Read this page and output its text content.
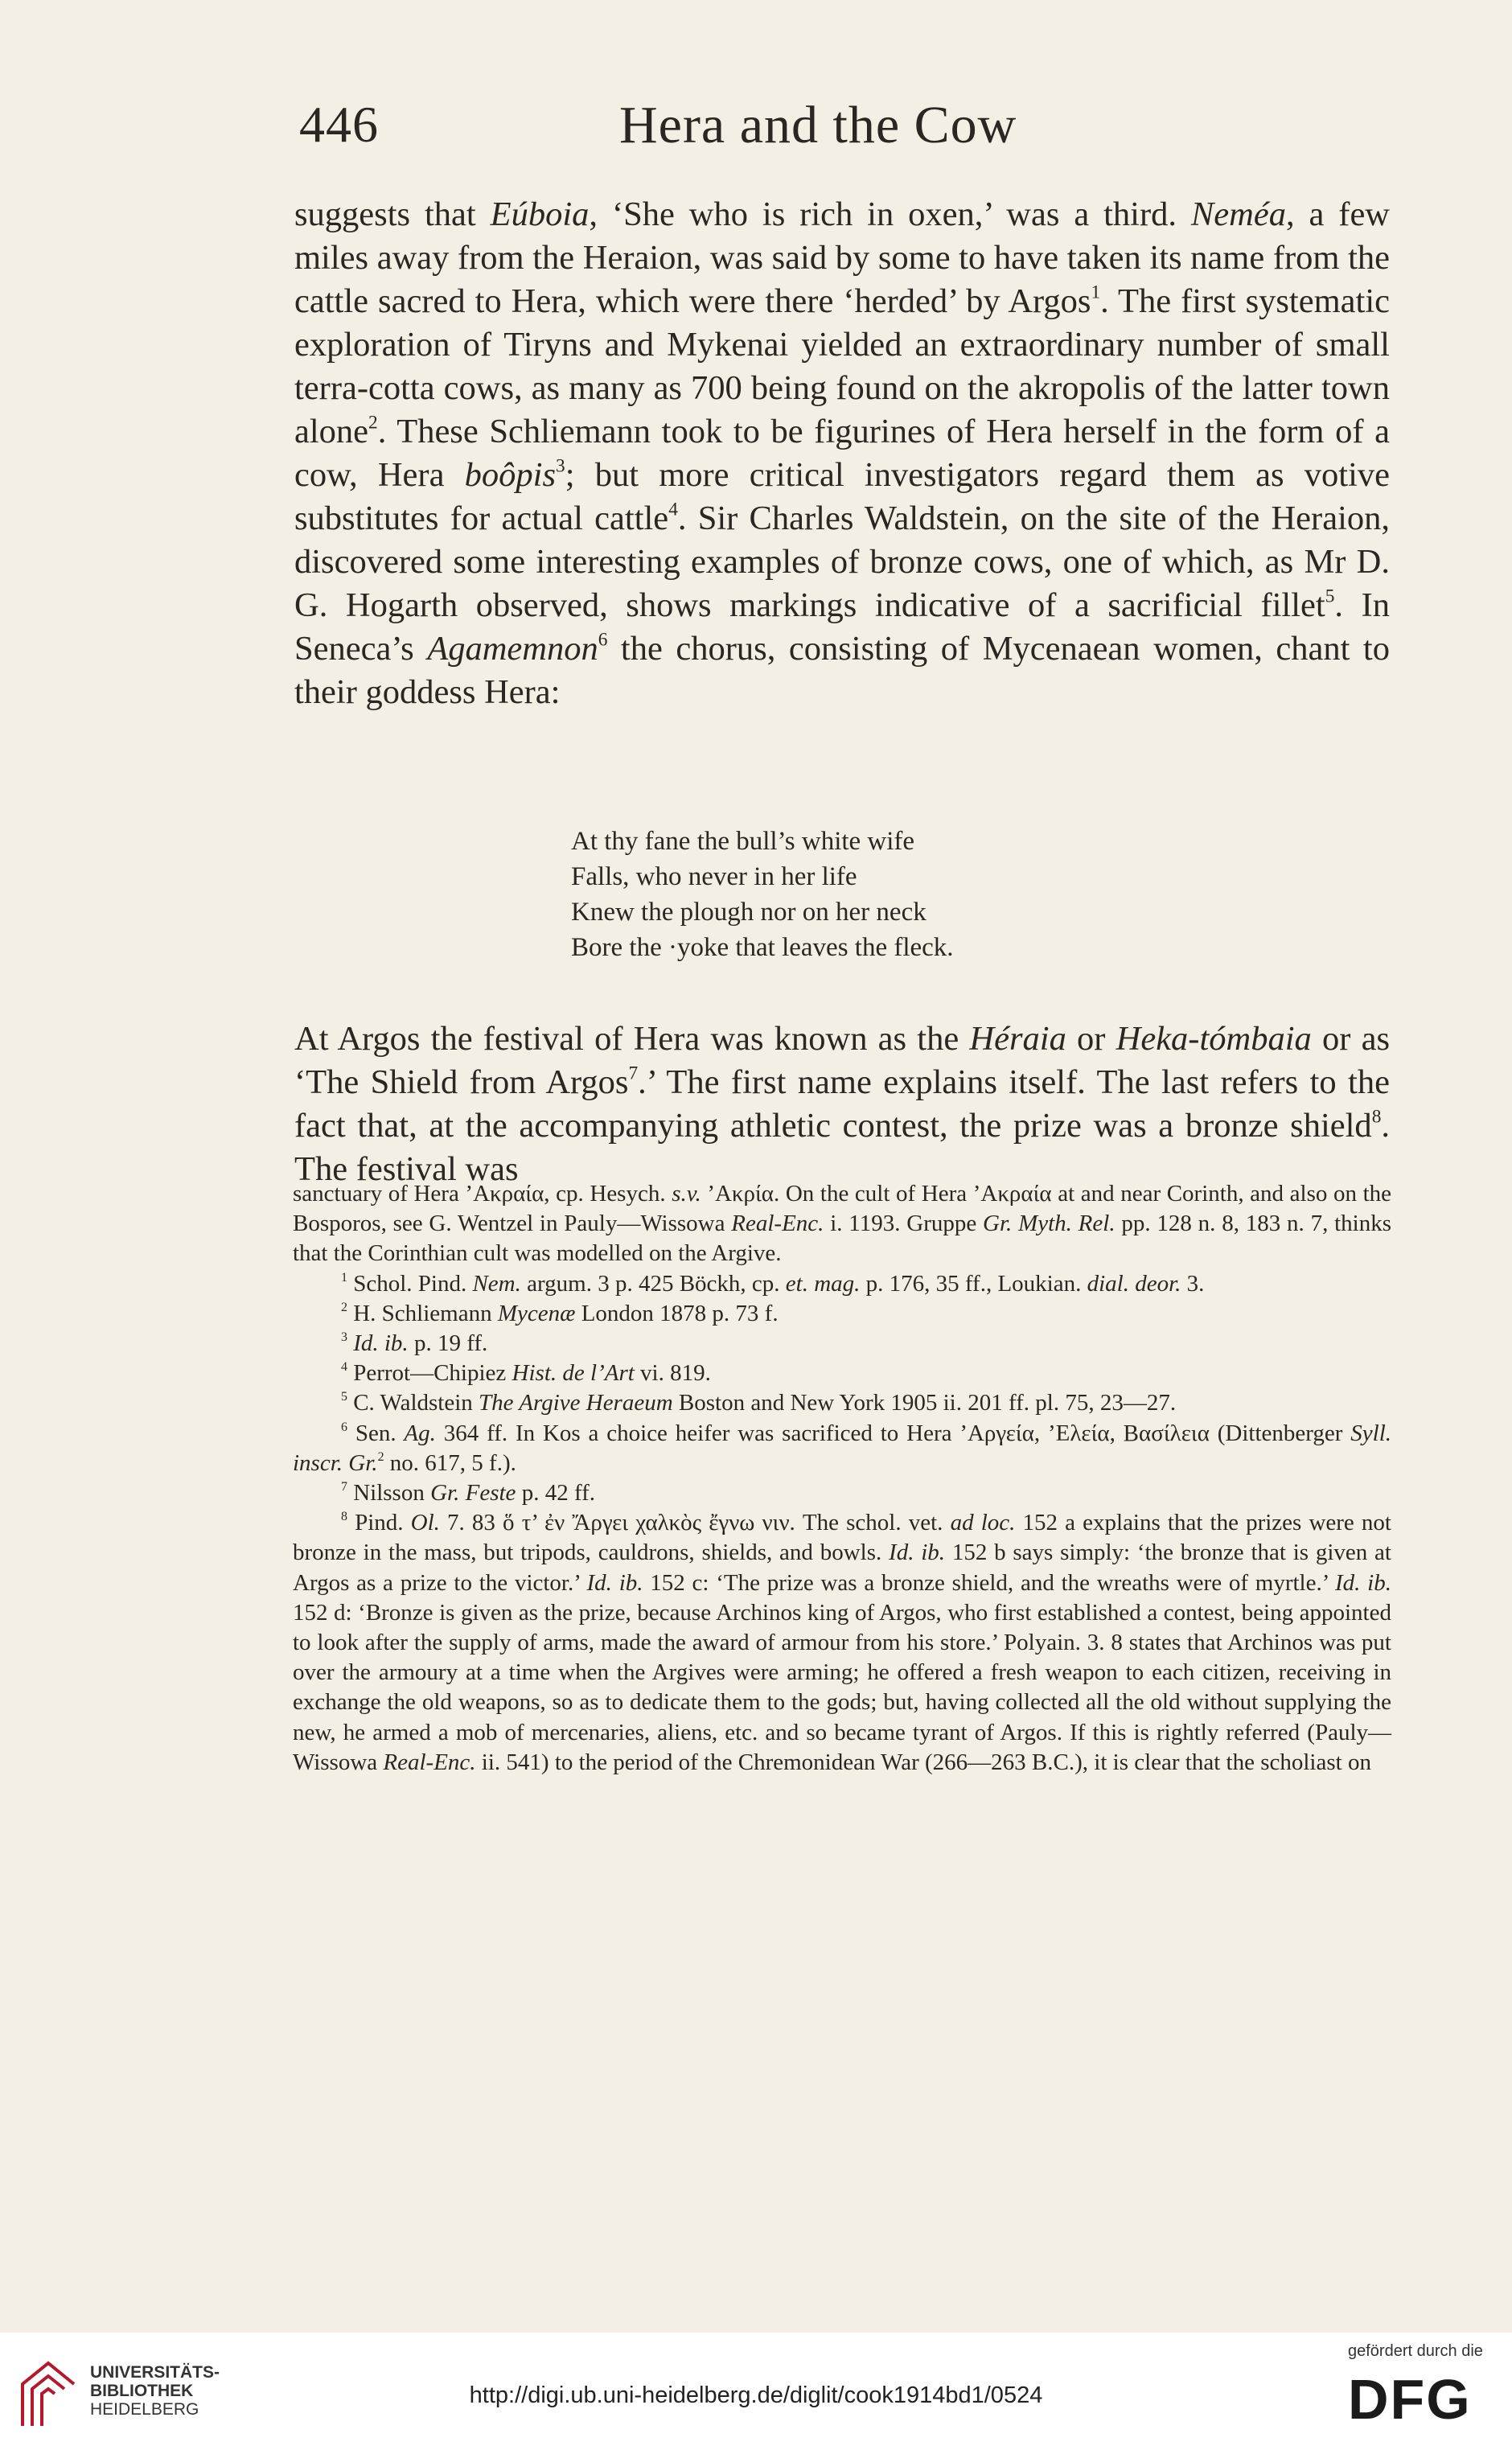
446	Hera and the Cow

suggests that Eúboia, ‘She who is rich in oxen,’ was a third. Neméa, a few miles away from the Heraion, was said by some to have taken its name from the cattle sacred to Hera, which were there ‘herded’ by Argos$^1$. The first systematic exploration of Tiryns and Mykenai yielded an extraordinary number of small terra-cotta cows, as many as 700 being found on the akropolis of the latter town alone$^2$. These Schliemann took to be figurines of Hera herself in the form of a cow, Hera boôpis$^3$; but more critical investigators regard them as votive substitutes for actual cattle$^4$. Sir Charles Waldstein, on the site of the Heraion, discovered some interesting examples of bronze cows, one of which, as Mr D. G. Hogarth observed, shows markings indicative of a sacrificial fillet$^5$. In Seneca’s Agamemnon$^6$ the chorus, consisting of Mycenaean women, chant to their goddess Hera:

At thy fane the bull’s white wife
Falls, who never in her life
Knew the plough nor on her neck
Bore the ·yoke that leaves the fleck.

At Argos the festival of Hera was known as the Héraia or Heka-tómbaia or as ‘The Shield from Argos$^7$.’ The first name explains itself. The last refers to the fact that, at the accompanying athletic contest, the prize was a bronze shield$^8$. The festival was

sanctuary of Hera ’Ακραία, cp. Hesych. s.v. ’Ακρία. On the cult of Hera ’Ακραία at and near Corinth, and also on the Bosporos, see G. Wentzel in Pauly—Wissowa Real-Enc. i. 1193. Gruppe Gr. Myth. Rel. pp. 128 n. 8, 183 n. 7, thinks that the Corinthian cult was modelled on the Argive.

$^1$ Schol. Pind. Nem. argum. 3 p. 425 Böckh, cp. et. mag. p. 176, 35 ff., Loukian. dial. deor. 3.

$^2$ H. Schliemann Mycenæ London 1878 p. 73 f.

$^3$ Id. ib. p. 19 ff.

$^4$ Perrot—Chipiez Hist. de l’Art vi. 819.

$^5$ C. Waldstein The Argive Heraeum Boston and New York 1905 ii. 201 ff. pl. 75, 23—27.

$^6$ Sen. Ag. 364 ff. In Kos a choice heifer was sacrificed to Hera ’Αργεία, ’Ελεία, Βασίλεια (Dittenberger Syll. inscr. Gr.$^2$ no. 617, 5 f.).

$^7$ Nilsson Gr. Feste p. 42 ff.

$^8$ Pind. Ol. 7. 83 ὅ τ’ ἐν Ἄργει χαλκὸς ἔγνω νιν. The schol. vet. ad loc. 152 a explains that the prizes were not bronze in the mass, but tripods, cauldrons, shields, and bowls. Id. ib. 152 b says simply: ‘the bronze that is given at Argos as a prize to the victor.’ Id. ib. 152 c: ‘The prize was a bronze shield, and the wreaths were of myrtle.’ Id. ib. 152 d: ‘Bronze is given as the prize, because Archinos king of Argos, who first established a contest, being appointed to look after the supply of arms, made the award of armour from his store.’ Polyain. 3. 8 states that Archinos was put over the armoury at a time when the Argives were arming; he offered a fresh weapon to each citizen, receiving in exchange the old weapons, so as to dedicate them to the gods; but, having collected all the old without supplying the new, he armed a mob of mercenaries, aliens, etc. and so became tyrant of Argos. If this is rightly referred (Pauly—Wissowa Real-Enc. ii. 541) to the period of the Chremonidean War (266—263 B.C.), it is clear that the scholiast on

UNIVERSITÄTS-
BIBLIOTHEK
HEIDELBERG
http://digi.ub.uni-heidelberg.de/diglit/cook1914bd1/0524
gefördert durch die
DFG
